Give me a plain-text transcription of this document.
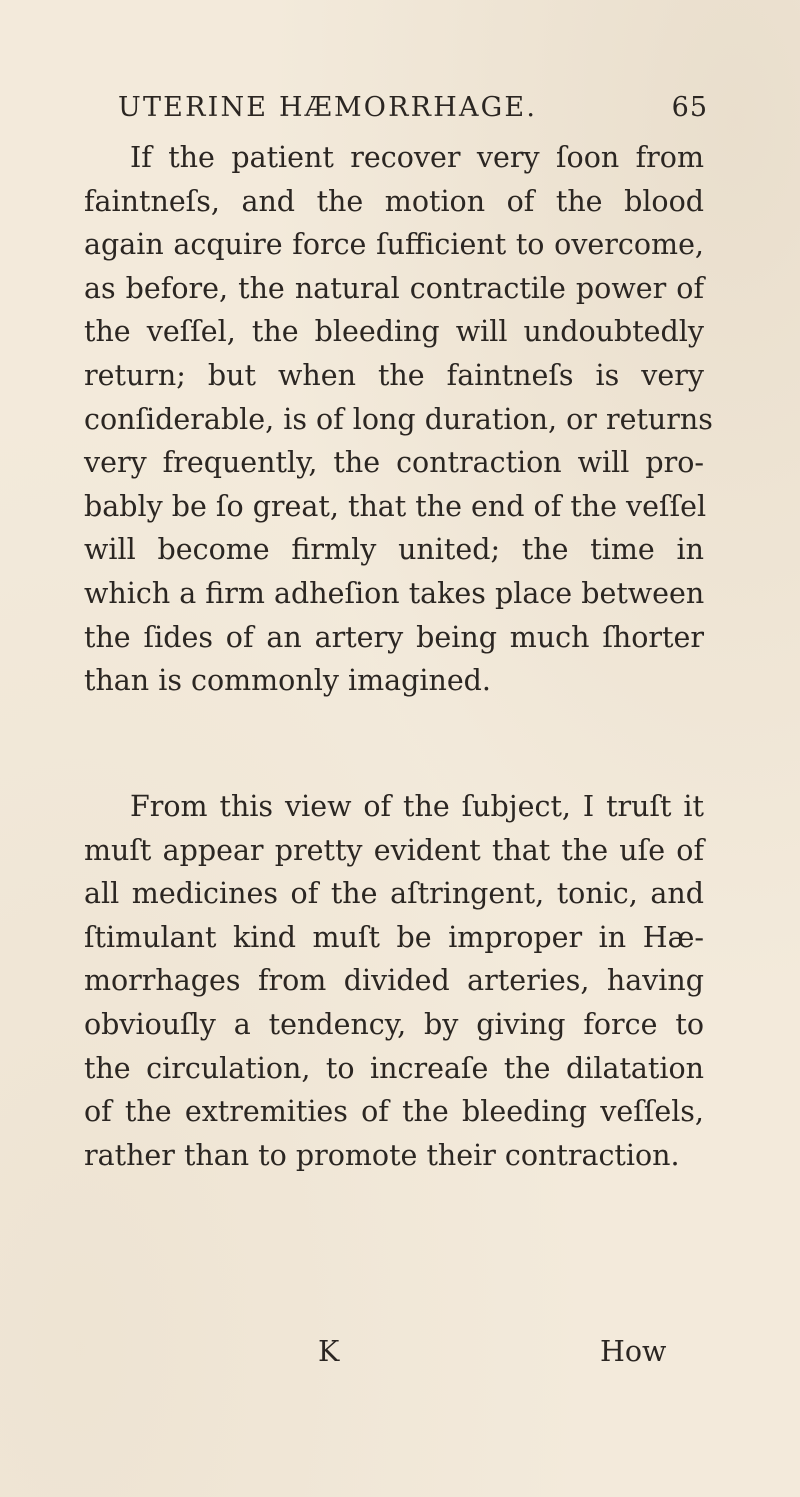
UTERINE HÆMORRHAGE.	65
If the patient recover very ſoon from
faintneſs, and the motion of the blood
again acquire force ſufficient to overcome,
as before, the natural contractile power of
the veſſel, the bleeding will undoubtedly
return; but when the faintneſs is very
conſiderable, is of long duration, or returns
very frequently, the contraction will pro-
bably be ſo great, that the end of the veſſel
will become firmly united; the time in
which a firm adheſion takes place between
the ſides of an artery being much ſhorter
than is commonly imagined.
From this view of the ſubject, I truſt it
muſt appear pretty evident that the uſe of
all medicines of the aſtringent, tonic, and
ſtimulant kind muſt be improper in Hæ-
morrhages from divided arteries, having
obviouſly a tendency, by giving force to
the circulation, to increaſe the dilatation
of the extremities of the bleeding veſſels,
rather than to promote their contraction.
K	How
